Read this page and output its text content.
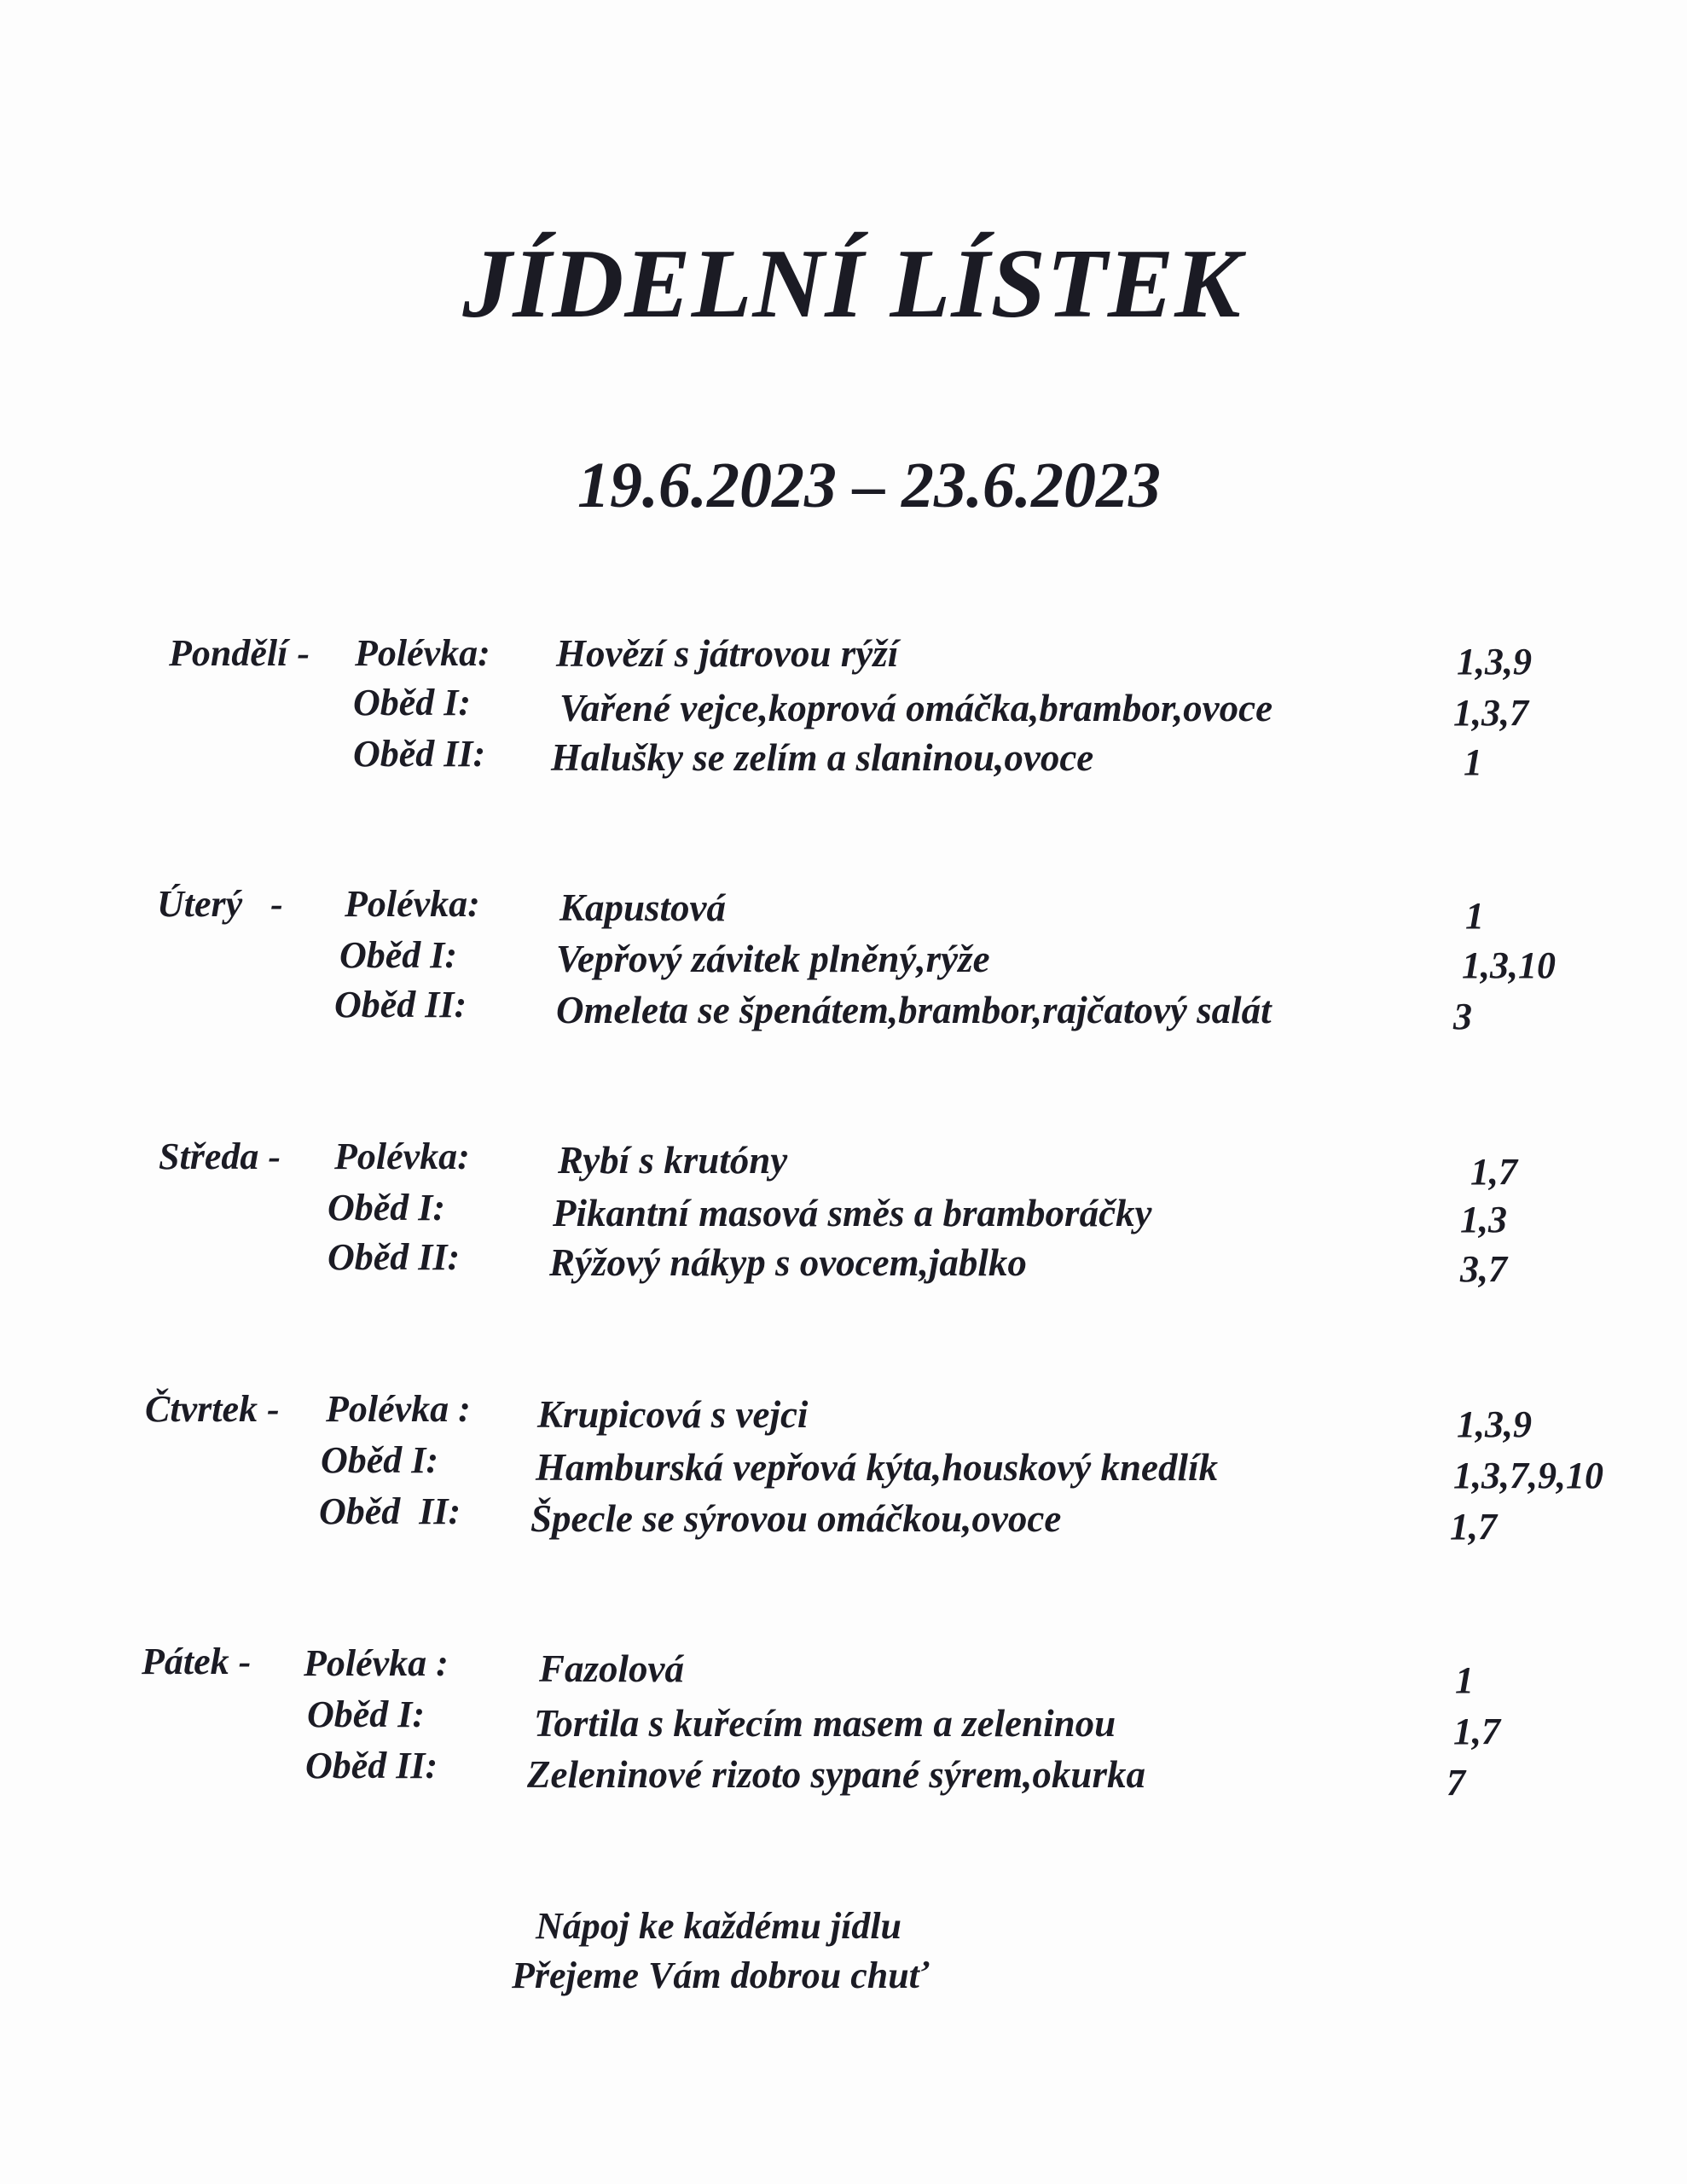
JÍDELNÍ LÍSTEK
19.6.2023 – 23.6.2023
Pondělí - Polévka: Hovězí s játrovou rýží	1,3,9
Oběd I: Vařené vejce,koprová omáčka,brambor,ovoce	1,3,7
Oběd II: Halušky se zelím a slaninou,ovoce	1
Úterý   - Polévka: Kapustová	1
Oběd I:	Vepřový závitek plněný,rýže	1,3,10
Oběd II: Omeleta se špenátem,brambor,rajčatový salát	3
Středa - Polévka: Rybí s krutóny	1,7
Oběd I:	Pikantní masová směs a bramboráčky	1,3
Oběd II: Rýžový nákyp s ovocem,jablko	3,7
Čtvrtek - Polévka : Krupicová s vejci	1,3,9
Oběd I:	Hamburská vepřová kýta,houskový knedlík	1,3,7,9,10
Oběd  II: Špecle se sýrovou omáčkou,ovoce	1,7
Pátek - Polévka : Fazolová	1
Oběd I:	Tortila s kuřecím masem a zeleninou	1,7
Oběd II: Zeleninové rizoto sypané sýrem,okurka	7
Nápoj ke každému jídlu
Přejeme Vám dobrou chuť
